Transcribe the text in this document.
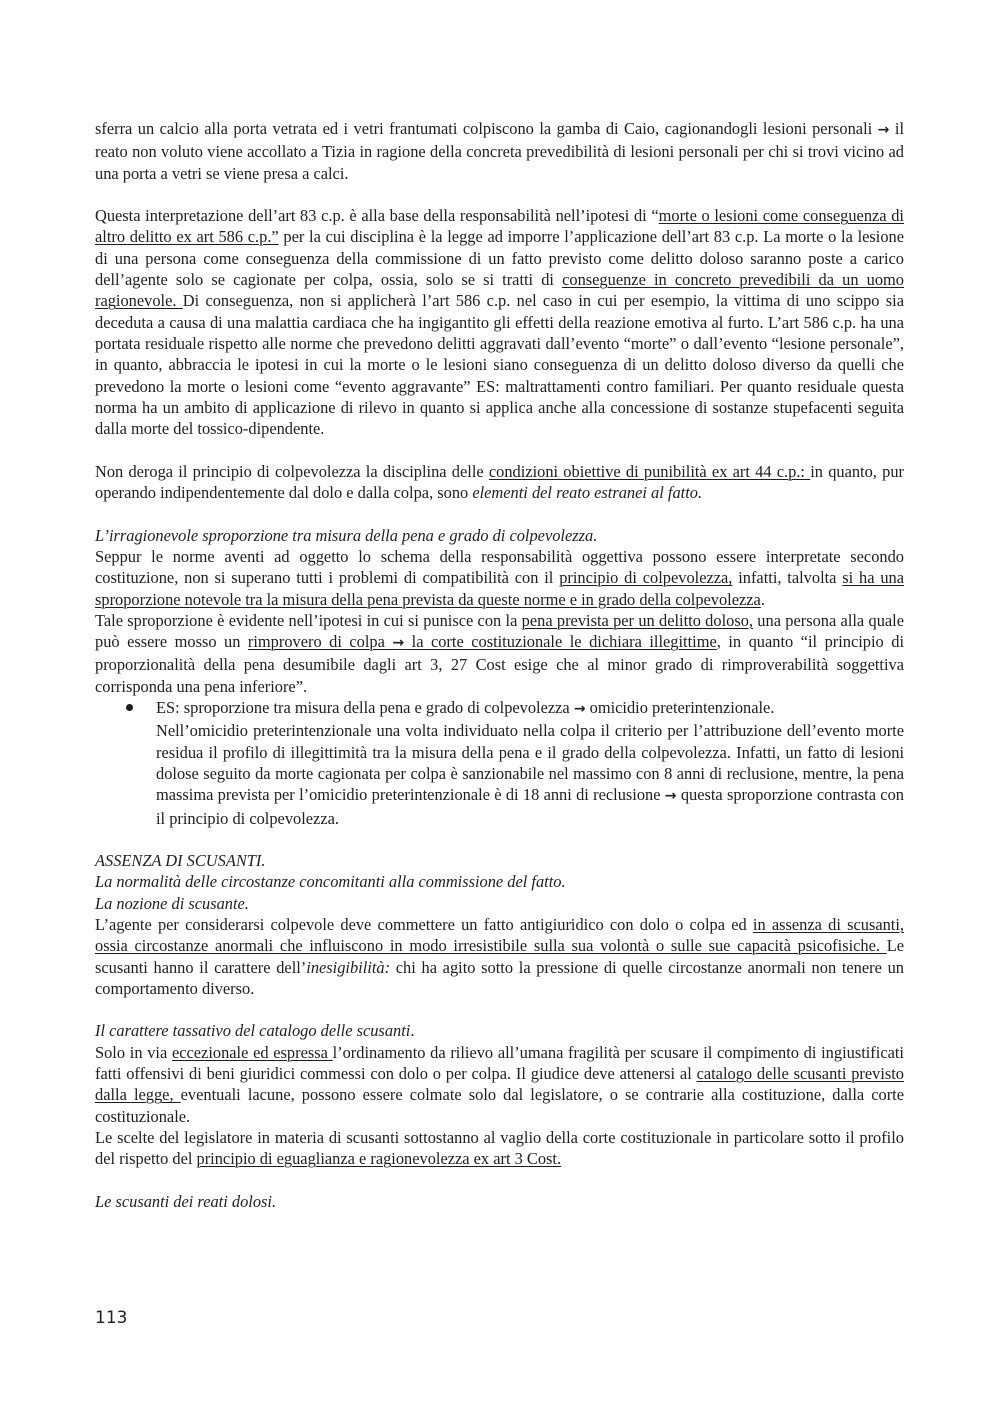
sferra un calcio alla porta vetrata ed i vetri frantumati colpiscono la gamba di Caio, cagionandogli lesioni personali → il reato non voluto viene accollato a Tizia in ragione della concreta prevedibilità di lesioni personali per chi si trovi vicino ad una porta a vetri se viene presa a calci.

Questa interpretazione dell’art 83 c.p. è alla base della responsabilità nell’ipotesi di “morte o lesioni come conseguenza di altro delitto ex art 586 c.p.” per la cui disciplina è la legge ad imporre l’applicazione dell’art 83 c.p. La morte o la lesione di una persona come conseguenza della commissione di un fatto previsto come delitto doloso saranno poste a carico dell’agente solo se cagionate per colpa, ossia, solo se si tratti di conseguenze in concreto prevedibili da un uomo ragionevole. Di conseguenza, non si applicherà l’art 586 c.p. nel caso in cui per esempio, la vittima di uno scippo sia deceduta a causa di una malattia cardiaca che ha ingigantito gli effetti della reazione emotiva al furto. L’art 586 c.p. ha una portata residuale rispetto alle norme che prevedono delitti aggravati dall’evento “morte” o dall’evento “lesione personale”, in quanto, abbraccia le ipotesi in cui la morte o le lesioni siano conseguenza di un delitto doloso diverso da quelli che prevedono la morte o lesioni come “evento aggravante” ES: maltrattamenti contro familiari. Per quanto residuale questa norma ha un ambito di applicazione di rilevo in quanto si applica anche alla concessione di sostanze stupefacenti seguita dalla morte del tossico-dipendente.

Non deroga il principio di colpevolezza la disciplina delle condizioni obiettive di punibilità ex art 44 c.p.: in quanto, pur operando indipendentemente dal dolo e dalla colpa, sono elementi del reato estranei al fatto.

L’irragionevole sproporzione tra misura della pena e grado di colpevolezza.

Seppur le norme aventi ad oggetto lo schema della responsabilità oggettiva possono essere interpretate secondo costituzione, non si superano tutti i problemi di compatibilità con il principio di colpevolezza, infatti, talvolta si ha una sproporzione notevole tra la misura della pena prevista da queste norme e in grado della colpevolezza.

Tale sproporzione è evidente nell’ipotesi in cui si punisce con la pena prevista per un delitto doloso, una persona alla quale può essere mosso un rimprovero di colpa → la corte costituzionale le dichiara illegittime, in quanto “il principio di proporzionalità della pena desumibile dagli art 3, 27 Cost esige che al minor grado di rimproverabilità soggettiva corrisponda una pena inferiore”.

ES: sproporzione tra misura della pena e grado di colpevolezza → omicidio preterintenzionale.

Nell’omicidio preterintenzionale una volta individuato nella colpa il criterio per l’attribuzione dell’evento morte residua il profilo di illegittimità tra la misura della pena e il grado della colpevolezza. Infatti, un fatto di lesioni dolose seguito da morte cagionata per colpa è sanzionabile nel massimo con 8 anni di reclusione, mentre, la pena massima prevista per l’omicidio preterintenzionale è di 18 anni di reclusione → questa sproporzione contrasta con il principio di colpevolezza.

ASSENZA DI SCUSANTI.

La normalità delle circostanze concomitanti alla commissione del fatto.

La nozione di scusante.

L’agente per considerarsi colpevole deve commettere un fatto antigiuridico con dolo o colpa ed in assenza di scusanti, ossia circostanze anormali che influiscono in modo irresistibile sulla sua volontà o sulle sue capacità psicofisiche. Le scusanti hanno il carattere dell’inesigibilità: chi ha agito sotto la pressione di quelle circostanze anormali non tenere un comportamento diverso.

Il carattere tassativo del catalogo delle scusanti.

Solo in via eccezionale ed espressa l’ordinamento da rilievo all’umana fragilità per scusare il compimento di ingiustificati fatti offensivi di beni giuridici commessi con dolo o per colpa. Il giudice deve attenersi al catalogo delle scusanti previsto dalla legge, eventuali lacune, possono essere colmate solo dal legislatore, o se contrarie alla costituzione, dalla corte costituzionale.

Le scelte del legislatore in materia di scusanti sottostanno al vaglio della corte costituzionale in particolare sotto il profilo del rispetto del principio di eguaglianza e ragionevolezza ex art 3 Cost.

Le scusanti dei reati dolosi.

113
